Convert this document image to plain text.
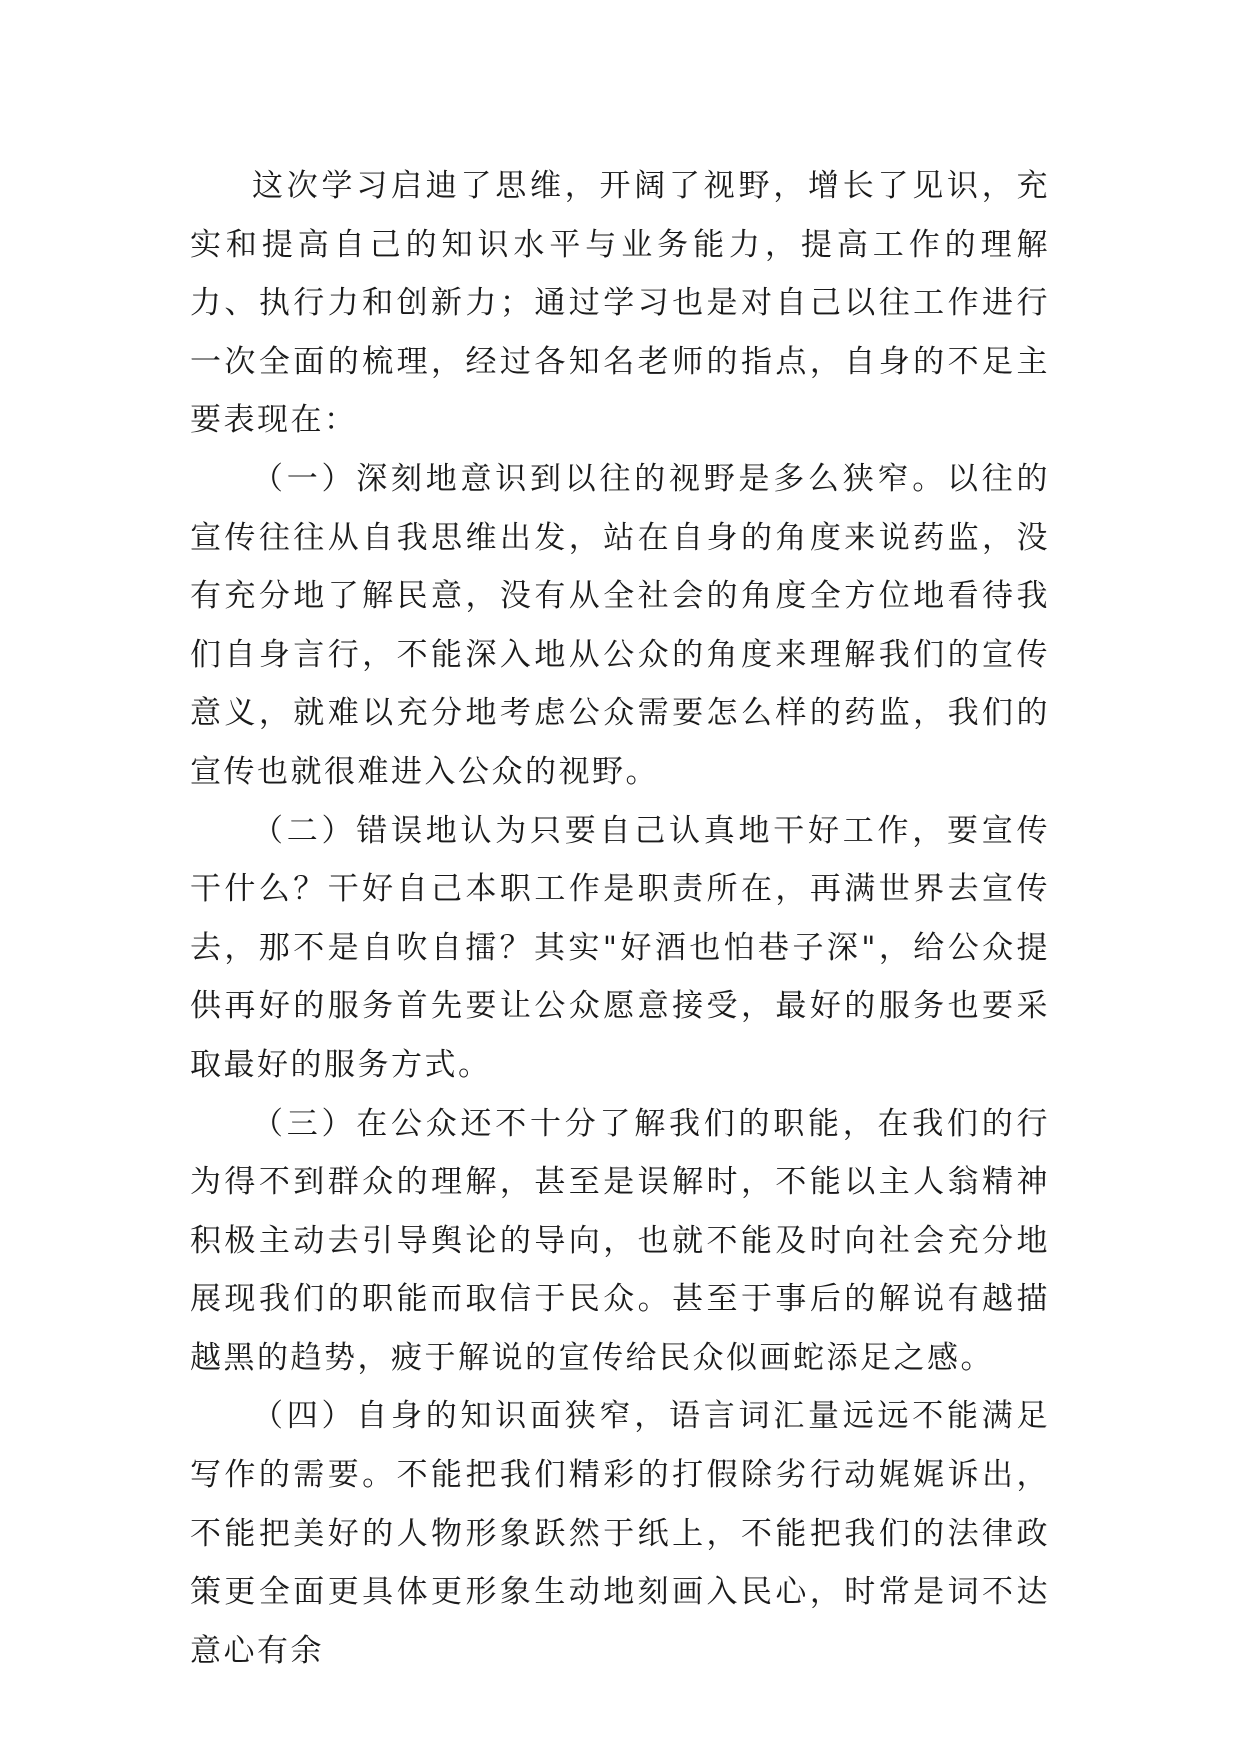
这次学习启迪了思维，开阔了视野，增长了见识，充实和提高自己的知识水平与业务能力，提高工作的理解力、执行力和创新力；通过学习也是对自己以往工作进行一次全面的梳理，经过各知名老师的指点，自身的不足主要表现在：

（一）深刻地意识到以往的视野是多么狭窄。以往的宣传往往从自我思维出发，站在自身的角度来说药监，没有充分地了解民意，没有从全社会的角度全方位地看待我们自身言行，不能深入地从公众的角度来理解我们的宣传意义，就难以充分地考虑公众需要怎么样的药监，我们的宣传也就很难进入公众的视野。

（二）错误地认为只要自己认真地干好工作，要宣传干什么？干好自己本职工作是职责所在，再满世界去宣传去，那不是自吹自擂？其实"好酒也怕巷子深"，给公众提供再好的服务首先要让公众愿意接受，最好的服务也要采取最好的服务方式。

（三）在公众还不十分了解我们的职能，在我们的行为得不到群众的理解，甚至是误解时，不能以主人翁精神积极主动去引导舆论的导向，也就不能及时向社会充分地展现我们的职能而取信于民众。甚至于事后的解说有越描越黑的趋势，疲于解说的宣传给民众似画蛇添足之感。

（四）自身的知识面狭窄，语言词汇量远远不能满足写作的需要。不能把我们精彩的打假除劣行动娓娓诉出，不能把美好的人物形象跃然于纸上，不能把我们的法律政策更全面更具体更形象生动地刻画入民心，时常是词不达意心有余
